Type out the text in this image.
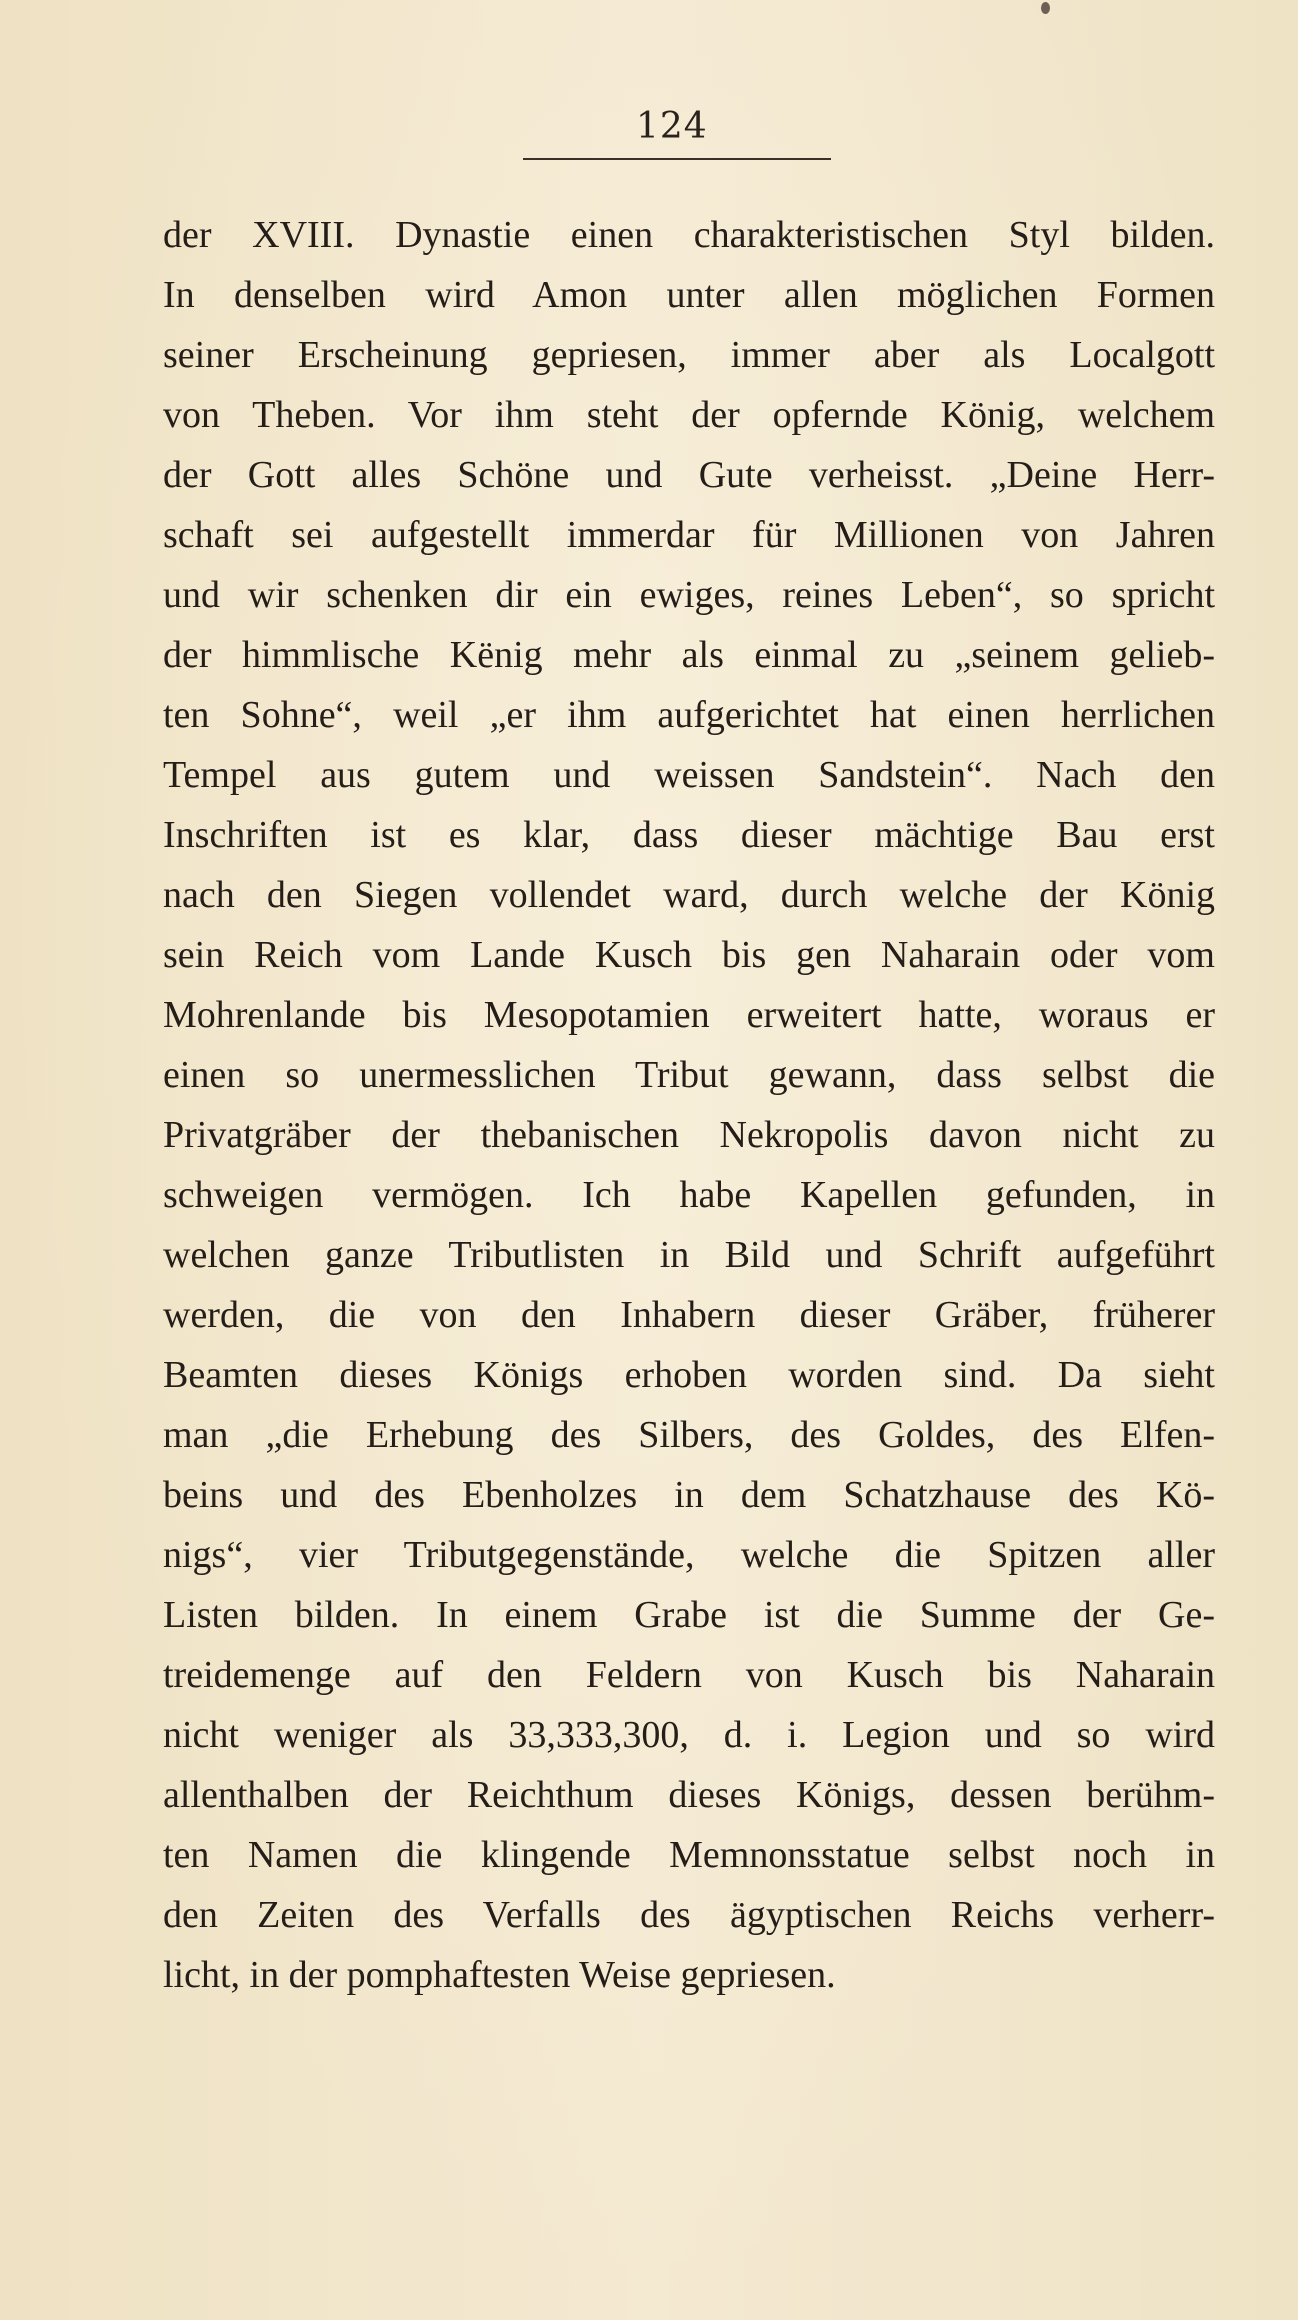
124
der XVIII. Dynastie einen charakteristischen Styl bilden.
In denselben wird Amon unter allen möglichen Formen
seiner Erscheinung gepriesen, immer aber als Localgott
von Theben. Vor ihm steht der opfernde König, welchem
der Gott alles Schöne und Gute verheisst. „Deine Herr-
schaft sei aufgestellt immerdar für Millionen von Jahren
und wir schenken dir ein ewiges, reines Leben“, so spricht
der himmlische Kënig mehr als einmal zu „seinem gelieb-
ten Sohne“, weil „er ihm aufgerichtet hat einen herrlichen
Tempel aus gutem und weissen Sandstein“. Nach den
Inschriften ist es klar, dass dieser mächtige Bau erst
nach den Siegen vollendet ward, durch welche der König
sein Reich vom Lande Kusch bis gen Naharain oder vom
Mohrenlande bis Mesopotamien erweitert hatte, woraus er
einen so unermesslichen Tribut gewann, dass selbst die
Privatgräber der thebanischen Nekropolis davon nicht zu
schweigen vermögen. Ich habe Kapellen gefunden, in
welchen ganze Tributlisten in Bild und Schrift aufgeführt
werden, die von den Inhabern dieser Gräber, früherer
Beamten dieses Königs erhoben worden sind. Da sieht
man „die Erhebung des Silbers, des Goldes, des Elfen-
beins und des Ebenholzes in dem Schatzhause des Kö-
nigs“, vier Tributgegenstände, welche die Spitzen aller
Listen bilden. In einem Grabe ist die Summe der Ge-
treidemenge auf den Feldern von Kusch bis Naharain
nicht weniger als 33,333,300, d. i. Legion und so wird
allenthalben der Reichthum dieses Königs, dessen berühm-
ten Namen die klingende Memnonsstatue selbst noch in
den Zeiten des Verfalls des ägyptischen Reichs verherr-
licht, in der pomphaftesten Weise gepriesen.
